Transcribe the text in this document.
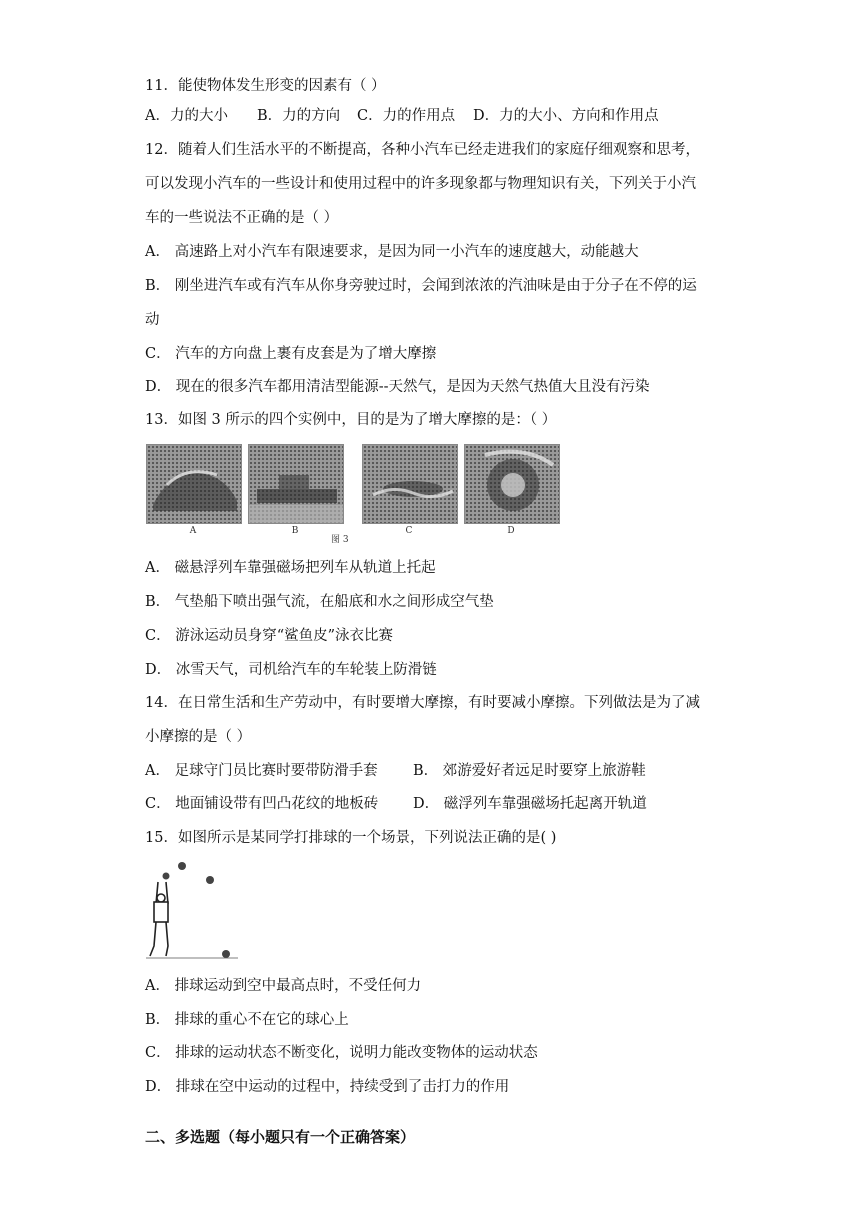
11．能使物体发生形变的因素有（ ）
A．力的大小 B．力的方向 C．力的作用点 D．力的大小、方向和作用点
12．随着人们生活水平的不断提高，各种小汽车已经走进我们的家庭仔细观察和思考，
可以发现小汽车的一些设计和使用过程中的许多现象都与物理知识有关，下列关于小汽
车的一些说法不正确的是（ ）
A． 高速路上对小汽车有限速要求，是因为同一小汽车的速度越大，动能越大
B． 刚坐进汽车或有汽车从你身旁驶过时，会闻到浓浓的汽油味是由于分子在不停的运
动
C． 汽车的方向盘上裹有皮套是为了增大摩擦
D． 现在的很多汽车都用清洁型能源--天然气，是因为天然气热值大且没有污染
13．如图 3 所示的四个实例中，目的是为了增大摩擦的是：（ ）
A	B	C	D
图 3
A． 磁悬浮列车靠强磁场把列车从轨道上托起
B． 气垫船下喷出强气流，在船底和水之间形成空气垫
C． 游泳运动员身穿“鲨鱼皮”泳衣比赛
D． 冰雪天气，司机给汽车的车轮装上防滑链
14．在日常生活和生产劳动中，有时要增大摩擦，有时要减小摩擦。下列做法是为了减
小摩擦的是（ ）
A． 足球守门员比赛时要带防滑手套 B． 郊游爱好者远足时要穿上旅游鞋
C． 地面铺设带有凹凸花纹的地板砖 D． 磁浮列车靠强磁场托起离开轨道
15．如图所示是某同学打排球的一个场景，下列说法正确的是( )
A． 排球运动到空中最高点时，不受任何力
B． 排球的重心不在它的球心上
C． 排球的运动状态不断变化，说明力能改变物体的运动状态
D． 排球在空中运动的过程中，持续受到了击打力的作用
二、多选题（每小题只有一个正确答案）
